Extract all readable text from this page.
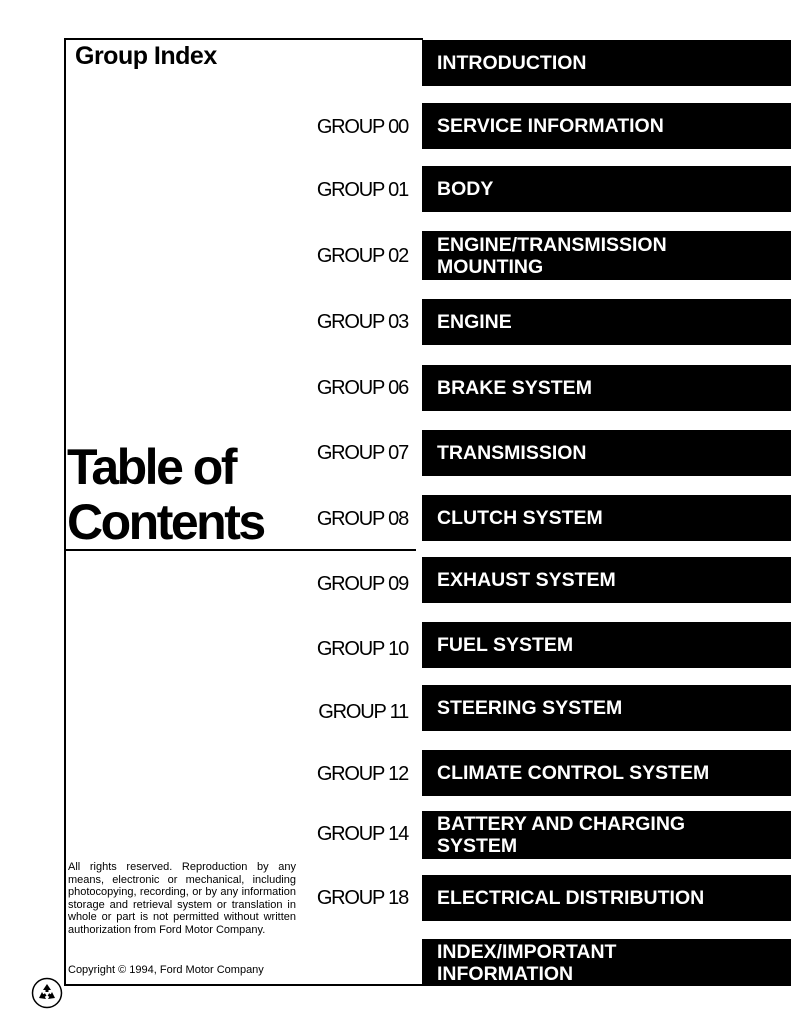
Group Index
Table of
Contents

All rights reserved. Reproduction by any means, electronic or mechanical, including photocopying, recording, or by any information storage and retrieval system or translation in whole or part is not permitted without written authorization from Ford Motor Company.

Copyright © 1994, Ford Motor Company

INTRODUCTION
GROUP 00 SERVICE INFORMATION
GROUP 01 BODY
GROUP 02
ENGINE/TRANSMISSION MOUNTING
GROUP 03 ENGINE
GROUP 06 BRAKE SYSTEM
GROUP 07 TRANSMISSION
GROUP 08 CLUTCH SYSTEM
GROUP 09 EXHAUST SYSTEM
GROUP 10 FUEL SYSTEM
GROUP 11 STEERING SYSTEM
GROUP 12 CLIMATE CONTROL SYSTEM
GROUP 14 BATTERY AND CHARGING SYSTEM
GROUP 18 ELECTRICAL DISTRIBUTION
INDEX/IMPORTANT INFORMATION
